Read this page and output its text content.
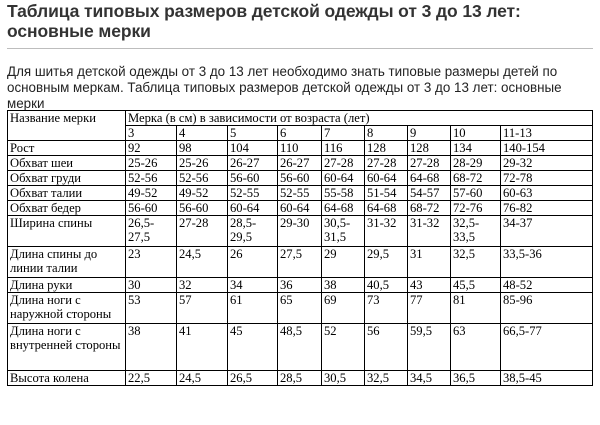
Таблица типовых размеров детской одежды от 3 до 13 лет:
основные мерки

Для шитья детской одежды от 3 до 13 лет необходимо знать типовые размеры детей по основным меркам. Таблица типовых размеров детской одежды от 3 до 13 лет: основные мерки

Название мерки	Мерка (в см) в зависимости от возраста (лет)								
	3	4	5	6	7	8	9	10	11-13
Рост	92	98	104	110	116	128	128	134	140-154
Обхват шеи	25-26	25-26	26-27	26-27	27-28	27-28	27-28	28-29	29-32
Обхват груди	52-56	52-56	56-60	56-60	60-64	60-64	64-68	68-72	72-78
Обхват талии	49-52	49-52	52-55	52-55	55-58	51-54	54-57	57-60	60-63
Обхват бедер	56-60	56-60	60-64	60-64	64-68	64-68	68-72	72-76	76-82
Ширина спины	26,5-27,5	27-28	28,5-29,5	29-30	30,5-31,5	31-32	31-32	32,5-33,5	34-37
Длина спины до линии талии	23	24,5	26	27,5	29	29,5	31	32,5	33,5-36
Длина руки	30	32	34	36	38	40,5	43	45,5	48-52
Длина ноги с наружной стороны	53	57	61	65	69	73	77	81	85-96
Длина ноги с внутренней стороны	38	41	45	48,5	52	56	59,5	63	66,5-77
Высота колена	22,5	24,5	26,5	28,5	30,5	32,5	34,5	36,5	38,5-45
